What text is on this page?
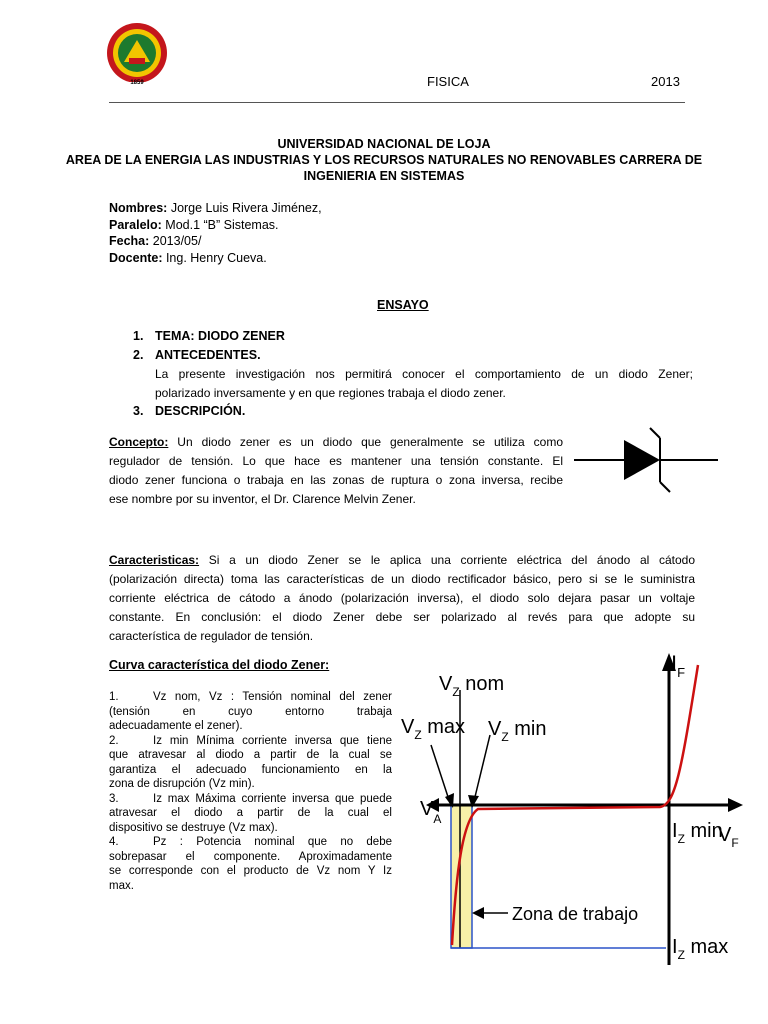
1859	FISICA	2013
UNIVERSIDAD NACIONAL DE LOJA
AREA DE LA ENERGIA LAS INDUSTRIAS Y LOS RECURSOS NATURALES NO RENOVABLES CARRERA DE
INGENIERIA EN SISTEMAS
Nombres: Jorge Luis Rivera Jiménez,
Paralelo: Mod.1 “B” Sistemas.
Fecha: 2013/05/
Docente: Ing. Henry Cueva.
ENSAYO
1. TEMA: DIODO ZENER
2. ANTECEDENTES.
La presente investigación nos permitirá conocer el comportamiento de un diodo Zener;
polarizado inversamente y en que regiones trabaja el diodo zener.
3. DESCRIPCIÓN.
Concepto: Un diodo zener es un diodo que generalmente se utiliza como
regulador de tensión. Lo que hace es mantener una tensión constante. El
diodo zener funciona o trabaja en las zonas de ruptura o zona inversa, recibe
ese nombre por su inventor, el Dr. Clarence Melvin Zener.
Caracteristicas: Si a un diodo Zener se le aplica una corriente eléctrica del ánodo al cátodo
(polarización directa) toma las características de un diodo rectificador básico, pero si se le suministra
corriente eléctrica de cátodo a ánodo (polarización inversa), el diodo solo dejara pasar un voltaje
constante. En conclusión: el diodo Zener debe ser polarizado al revés para que adopte su
característica de regulador de tensión.
Curva característica del diodo Zener:
1.	Vz nom, Vz : Tensión nominal del zener
(tensión en cuyo entorno trabaja
adecuadamente el zener).
2.	Iz min Mínima corriente inversa que tiene
que atravesar al diodo a partir de la cual se
garantiza el adecuado funcionamiento en la
zona de disrupción (Vz min).
3.	Iz max Máxima corriente inversa que puede
atravesar el diodo a partir de la cual el
dispositivo se destruye (Vz max).
4.	Pz : Potencia nominal que no debe
sobrepasar el componente. Aproximadamente
se corresponde con el producto de Vz nom Y Iz
max.
$I_F$
$V_Z$ nom
$V_Z$ $\max V_Z$ min
$V_A$
$I_Z$ min
$V_F$
Zona de trabajo
$I_Z$ max
